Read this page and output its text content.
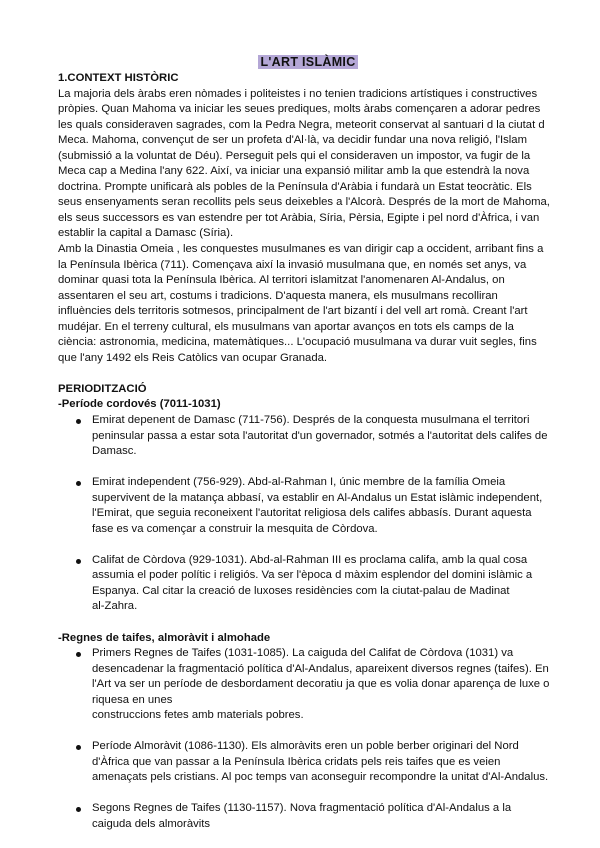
L'ART ISLÀMIC
1.CONTEXT HISTÒRIC
La majoria dels àrabs eren nòmades i politeistes i no tenien tradicions artístiques i constructives
pròpies. Quan Mahoma va iniciar les seues prediques, molts àrabs començaren a adorar pedres
les quals consideraven sagrades, com la Pedra Negra, meteorit conservat al santuari d la ciutat d
Meca. Mahoma, convençut de ser un profeta d'Al·là, va decidir fundar una nova religió, l'Islam
(submissió a la voluntat de Déu). Perseguit pels qui el consideraven un impostor, va fugir de la
Meca cap a Medina l'any 622. Així, va iniciar una expansió militar amb la que estendrà la nova
doctrina. Prompte unificarà als pobles de la Península d'Aràbia i fundarà un Estat teocràtic. Els
seus ensenyaments seran recollits pels seus deixebles a l'Alcorà. Després de la mort de Mahoma,
els seus successors es van estendre per tot Aràbia, Síria, Pèrsia, Egipte i pel nord d'Àfrica, i van
establir la capital a Damasc (Síria).
Amb la Dinastia Omeia , les conquestes musulmanes es van dirigir cap a occident, arribant fins a
la Península Ibèrica (711). Començava així la invasió musulmana que, en només set anys, va
dominar quasi tota la Península Ibèrica. Al territori islamitzat l'anomenaren Al-Andalus, on
assentaren el seu art, costums i tradicions. D'aquesta manera, els musulmans recolliran
influències dels territoris sotmesos, principalment de l'art bizantí i del vell art romà. Creant l'art
mudéjar. En el terreny cultural, els musulmans van aportar avanços en tots els camps de la
ciència: astronomia, medicina, matemàtiques... L'ocupació musulmana va durar vuit segles, fins
que l'any 1492 els Reis Catòlics van ocupar Granada.
PERIODITZACIÓ
-Període cordovés (7011-1031)
Emirat depenent de Damasc (711-756). Després de la conquesta musulmana el territori
peninsular passa a estar sota l'autoritat d'un governador, sotmés a l'autoritat dels califes de
Damasc.
Emirat independent (756-929). Abd-al-Rahman I, únic membre de la família Omeia
supervivent de la matança abbasí, va establir en Al-Andalus un Estat islàmic independent,
l'Emirat, que seguia reconeixent l'autoritat religiosa dels califes abbasís. Durant aquesta
fase es va començar a construir la mesquita de Còrdova.
Califat de Còrdova (929-1031). Abd-al-Rahman III es proclama califa, amb la qual cosa
assumia el poder polític i religiós. Va ser l'època d màxim esplendor del domini islàmic a
Espanya. Cal citar la creació de luxoses residències com la ciutat-palau de Madinat
al-Zahra.
-Regnes de taifes, almoràvit i almohade
Primers Regnes de Taifes (1031-1085). La caiguda del Califat de Còrdova (1031) va
desencadenar la fragmentació política d'Al-Andalus, apareixent diversos regnes (taifes). En
l'Art va ser un període de desbordament decoratiu ja que es volia donar aparença de luxe o
riquesa en unes
construccions fetes amb materials pobres.
Període Almoràvit (1086-1130). Els almoràvits eren un poble berber originari del Nord
d'Àfrica que van passar a la Península Ibèrica cridats pels reis taifes que es veien
amenaçats pels cristians. Al poc temps van aconseguir recompondre la unitat d'Al-Andalus.
Segons Regnes de Taifes (1130-1157). Nova fragmentació política d'Al-Andalus a la
caiguda dels almoràvits
